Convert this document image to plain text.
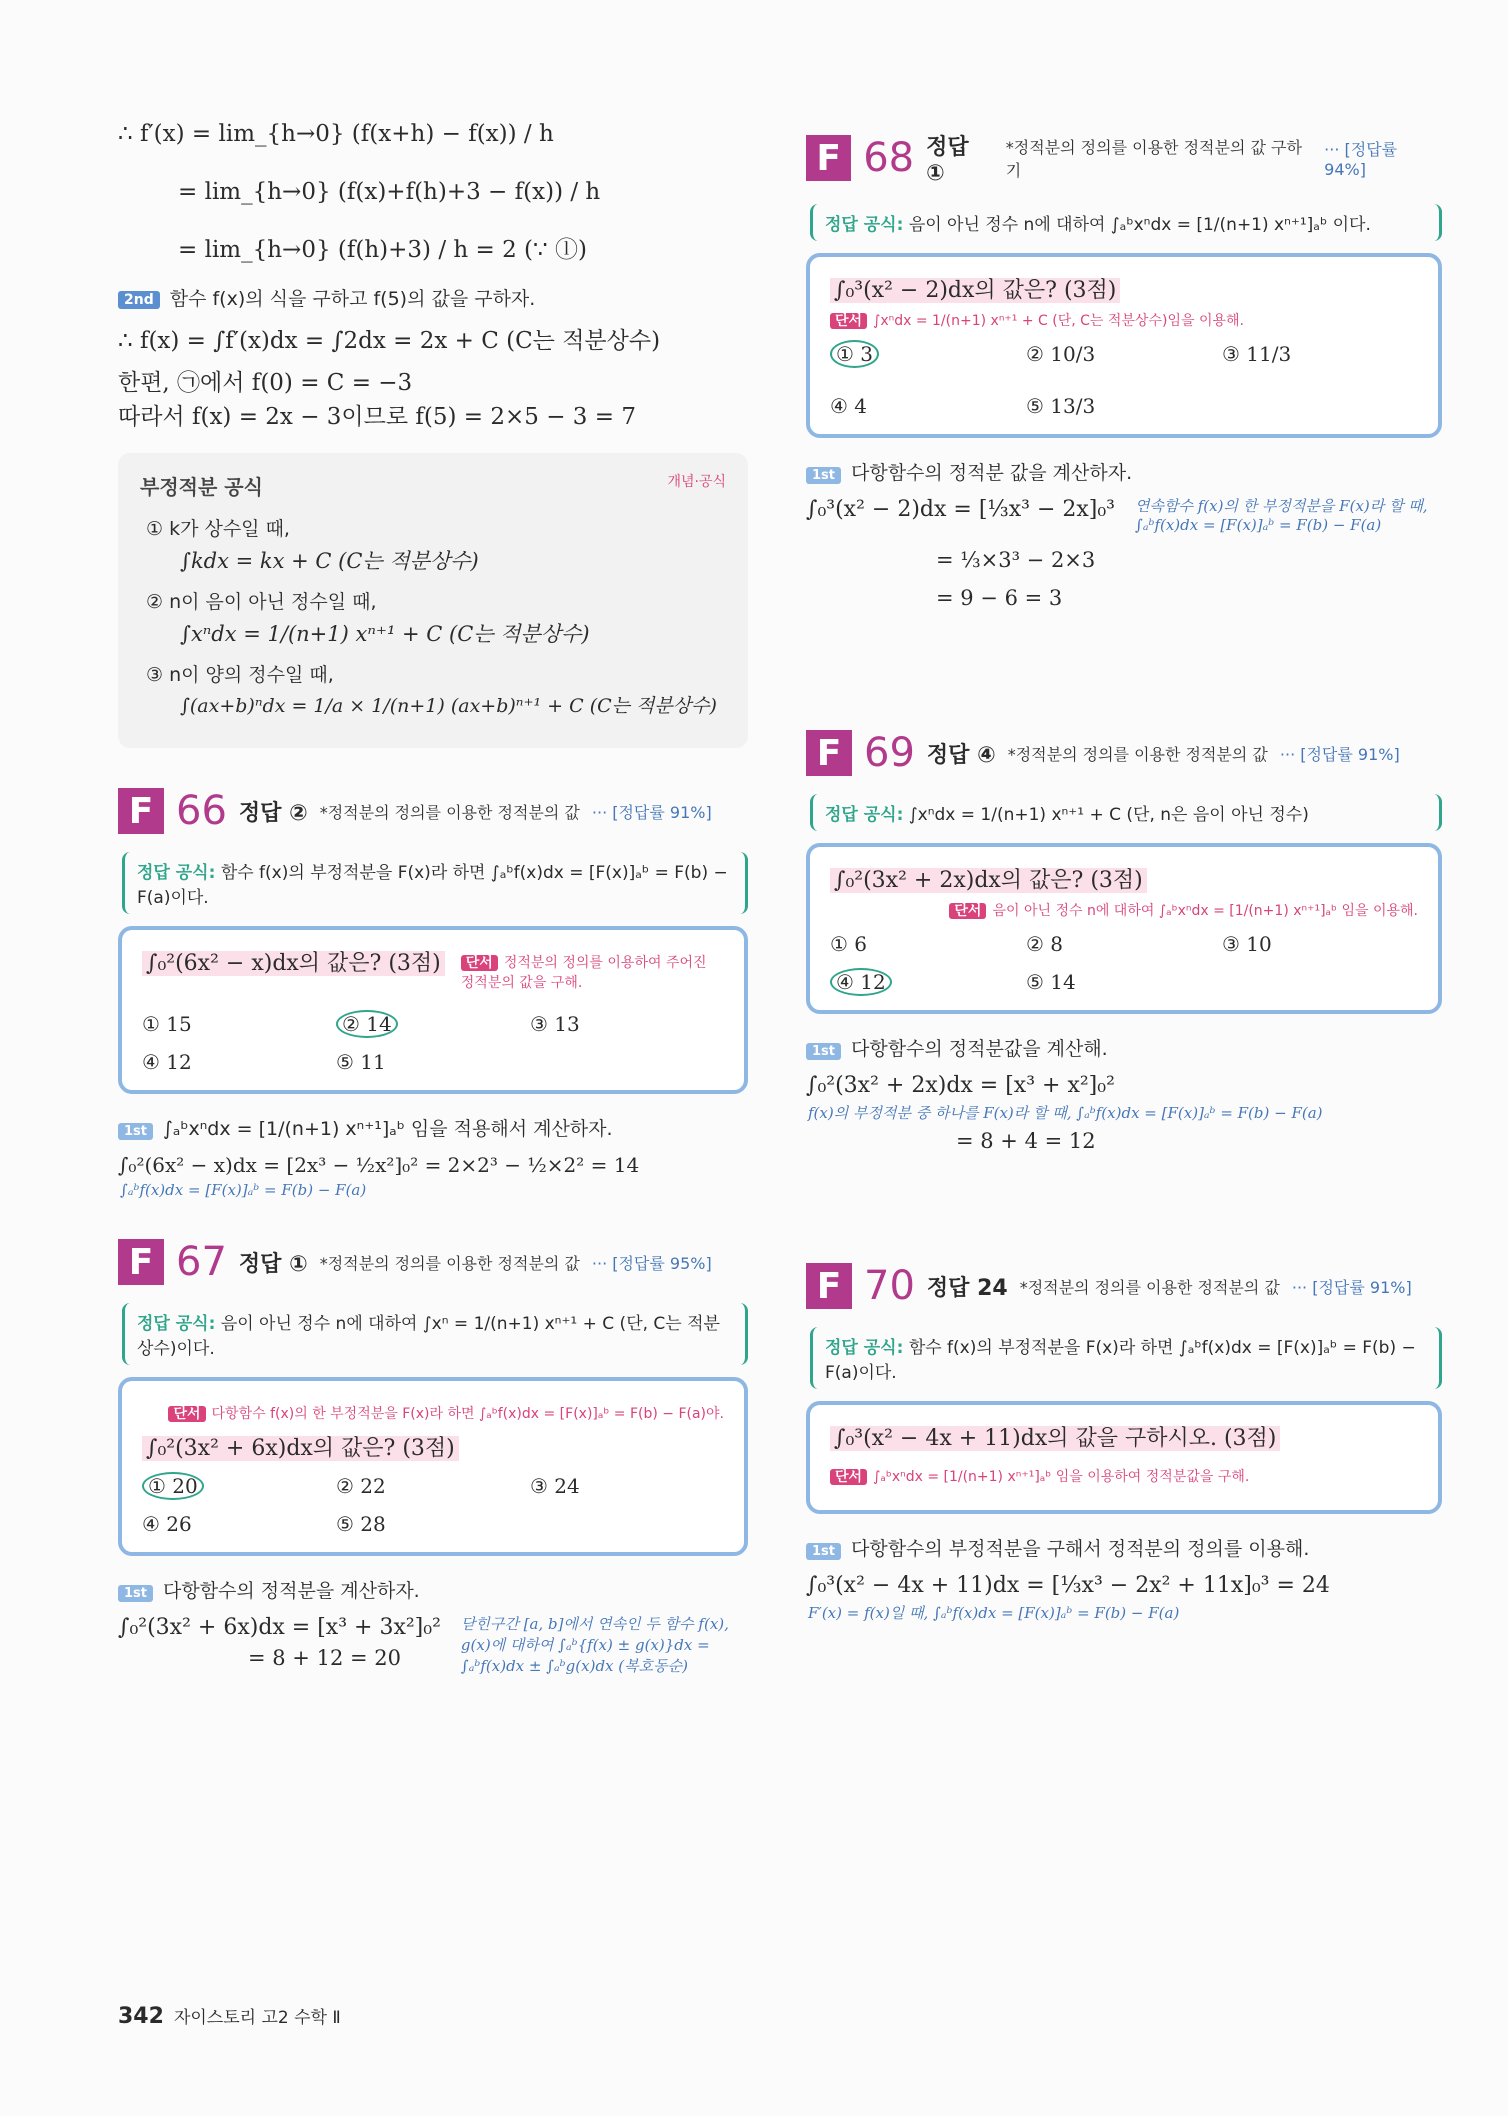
∴ f′(x) = lim_{h→0} (f(x+h) − f(x)) / h
= lim_{h→0} (f(x)+f(h)+3 − f(x)) / h
= lim_{h→0} (f(h)+3) / h = 2 (∵ ⓛ)
2nd 함수 f(x)의 식을 구하고 f(5)의 값을 구하자.
∴ f(x) = ∫f′(x)dx = ∫2dx = 2x + C (C는 적분상수)
한편, ㉠에서 f(0) = C = −3
따라서 f(x) = 2x − 3이므로 f(5) = 2×5 − 3 = 7
부정적분 공식	개념·공식
① k가 상수일 때,
∫kdx = kx + C (C는 적분상수)
② n이 음이 아닌 정수일 때,
∫xⁿdx = 1/(n+1) xⁿ⁺¹ + C (C는 적분상수)
③ n이 양의 정수일 때,
∫(ax+b)ⁿdx = 1/a × 1/(n+1) (ax+b)ⁿ⁺¹ + C (C는 적분상수)
F 66 정답 ② *정적분의 정의를 이용한 정적분의 값 ··· [정답률 91%]
정답 공식: 함수 f(x)의 부정적분을 F(x)라 하면 ∫ₐᵇf(x)dx = [F(x)]ₐᵇ = F(b) − F(a)이다.
∫₀²(6x² − x)dx의 값은? (3점)	단서 정적분의 정의를 이용하여 주어진 정적분의 값을 구해.
① 15	② 14	③ 13
④ 12	⑤ 11
1st ∫ₐᵇxⁿdx = [1/(n+1) xⁿ⁺¹]ₐᵇ 임을 적용해서 계산하자.
∫₀²(6x² − x)dx = [2x³ − ½x²]₀² = 2×2³ − ½×2² = 14
∫ₐᵇf(x)dx = [F(x)]ₐᵇ = F(b) − F(a)
F 67 정답 ① *정적분의 정의를 이용한 정적분의 값 ··· [정답률 95%]
정답 공식: 음이 아닌 정수 n에 대하여 ∫xⁿ = 1/(n+1) xⁿ⁺¹ + C (단, C는 적분상수)이다.
단서 다항함수 f(x)의 한 부정적분을 F(x)라 하면 ∫ₐᵇf(x)dx = [F(x)]ₐᵇ = F(b) − F(a)야.
∫₀²(3x² + 6x)dx의 값은? (3점)
① 20	② 22	③ 24
④ 26	⑤ 28
1st 다항함수의 정적분을 계산하자.
∫₀²(3x² + 6x)dx = [x³ + 3x²]₀²
= 8 + 12 = 20
닫힌구간 [a, b]에서 연속인 두 함수 f(x), g(x)에 대하여 ∫ₐᵇ{f(x) ± g(x)}dx = ∫ₐᵇf(x)dx ± ∫ₐᵇg(x)dx (복호동순)
F 68 정답 ①
*정적분의 정의를 이용한 정적분의 값 구하기
··· [정답률 94%]
정답 공식: 음이 아닌 정수 n에 대하여 ∫ₐᵇxⁿdx = [1/(n+1) xⁿ⁺¹]ₐᵇ 이다.
∫₀³(x² − 2)dx의 값은? (3점)
단서 ∫xⁿdx = 1/(n+1) xⁿ⁺¹ + C (단, C는 적분상수)임을 이용해.
① 3	② 10/3	③ 11/3
④ 4	⑤ 13/3
1st 다항함수의 정적분 값을 계산하자.
∫₀³(x² − 2)dx = [⅓x³ − 2x]₀³ 연속함수 f(x)의 한 부정적분을 F(x)라 할 때, ∫ₐᵇf(x)dx = [F(x)]ₐᵇ = F(b) − F(a)
= ⅓×3³ − 2×3
= 9 − 6 = 3
F 69 정답 ④ *정적분의 정의를 이용한 정적분의 값 ··· [정답률 91%]
정답 공식: ∫xⁿdx = 1/(n+1) xⁿ⁺¹ + C (단, n은 음이 아닌 정수)
∫₀²(3x² + 2x)dx의 값은? (3점)
단서 음이 아닌 정수 n에 대하여 ∫ₐᵇxⁿdx = [1/(n+1) xⁿ⁺¹]ₐᵇ 임을 이용해.
① 6	② 8	③ 10
④ 12	⑤ 14
1st 다항함수의 정적분값을 계산해.
∫₀²(3x² + 2x)dx = [x³ + x²]₀²
f(x)의 부정적분 중 하나를 F(x)라 할 때, ∫ₐᵇf(x)dx = [F(x)]ₐᵇ = F(b) − F(a)
= 8 + 4 = 12
F 70 정답 24 *정적분의 정의를 이용한 정적분의 값 ··· [정답률 91%]
정답 공식: 함수 f(x)의 부정적분을 F(x)라 하면 ∫ₐᵇf(x)dx = [F(x)]ₐᵇ = F(b) − F(a)이다.
∫₀³(x² − 4x + 11)dx의 값을 구하시오. (3점)
단서 ∫ₐᵇxⁿdx = [1/(n+1) xⁿ⁺¹]ₐᵇ 임을 이용하여 정적분값을 구해.
1st 다항함수의 부정적분을 구해서 정적분의 정의를 이용해.
∫₀³(x² − 4x + 11)dx = [⅓x³ − 2x² + 11x]₀³ = 24
F′(x) = f(x)일 때, ∫ₐᵇf(x)dx = [F(x)]ₐᵇ = F(b) − F(a)
342 자이스토리 고2 수학 Ⅱ
